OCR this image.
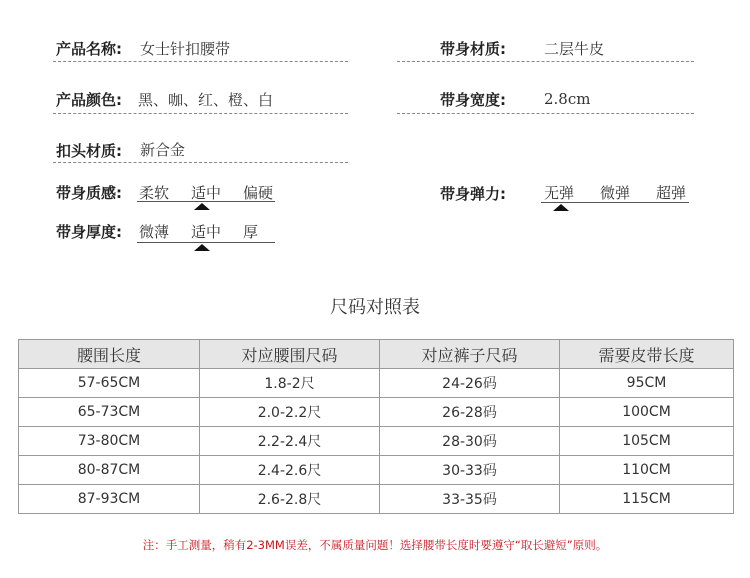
产品名称: 女士针扣腰带	带身材质:	二层牛皮
产品颜色: 黑、咖、红、橙、白	带身宽度:	2.8cm
扣头材质: 新合金
带身质感: 柔软 适中 偏硬	带身弹力:	无弹 微弹 超弹
带身厚度: 微薄 适中 厚
尺码对照表
腰围长度	对应腰围尺码	对应裤子尺码	需要皮带长度
57-65CM	1.8-2尺	24-26码	95CM
65-73CM	2.0-2.2尺	26-28码	100CM
73-80CM	2.2-2.4尺	28-30码	105CM
80-87CM	2.4-2.6尺	30-33码	110CM
87-93CM	2.6-2.8尺	33-35码	115CM
注：手工测量，稍有2-3MM误差，不属质量问题！选择腰带长度时要遵守“取长避短”原则。
